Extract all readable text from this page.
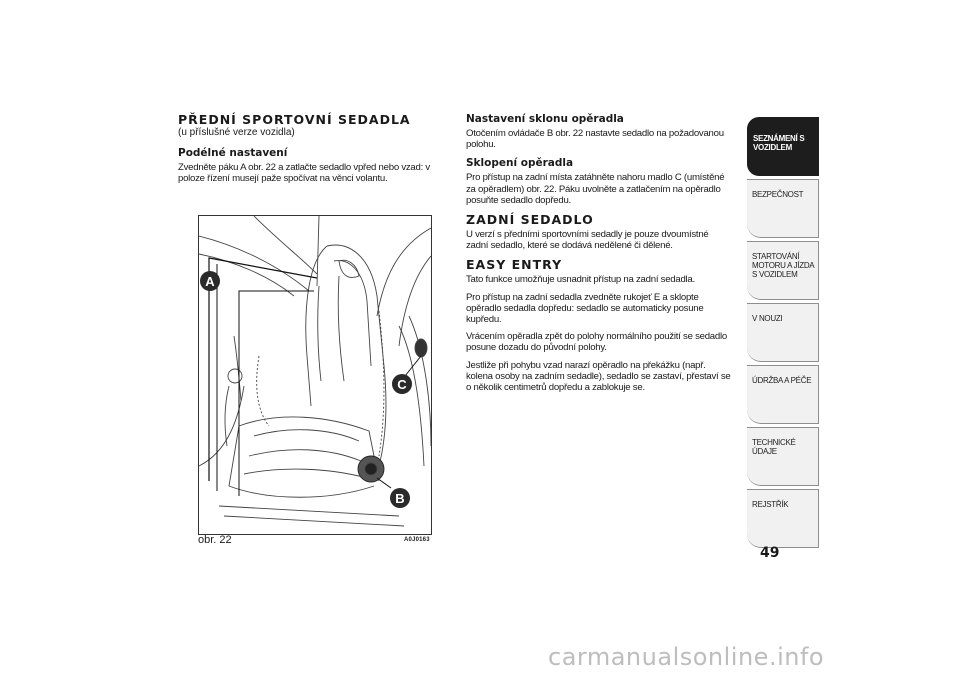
PŘEDNÍ SPORTOVNÍ SEDADLA
(u příslušné verze vozidla)
Podélné nastavení

Zvedněte páku A obr. 22 a zatlačte sedadlo vpřed nebo vzad: v poloze řízení musejí paže spočívat na věnci volantu.

A
C
B
obr. 22	A0J0163
Nastavení sklonu opěradla

Otočením ovládače B obr. 22 nastavte sedadlo na požadovanou polohu.

Sklopení opěradla

Pro přístup na zadní místa zatáhněte nahoru madlo C (umístěné za opěradlem) obr. 22. Páku uvolněte a zatlačením na opěradlo posuňte sedadlo dopředu.

ZADNÍ SEDADLO

U verzí s předními sportovními sedadly je pouze dvoumístné zadní sedadlo, které se dodává nedělené či dělené.

EASY ENTRY

Tato funkce umožňuje usnadnit přístup na zadní sedadla.

Pro přístup na zadní sedadla zvedněte rukojeť E a sklopte opěradlo sedadla dopředu: sedadlo se automaticky posune kupředu.

Vrácením opěradla zpět do polohy normálního použití se sedadlo posune dozadu do původní polohy.

Jestliže při pohybu vzad narazí opěradlo na překážku (např. kolena osoby na zadním sedadle), sedadlo se zastaví, přestaví se o několik centimetrů dopředu a zablokuje se.

SEZNÁMENÍ S VOZIDLEM
BEZPEČNOST
STARTOVÁNÍ MOTORU A JÍZDA S VOZIDLEM
V NOUZI
ÚDRŽBA A PÉČE
TECHNICKÉ ÚDAJE
REJSTŘÍK
49
carmanualsonline.info
